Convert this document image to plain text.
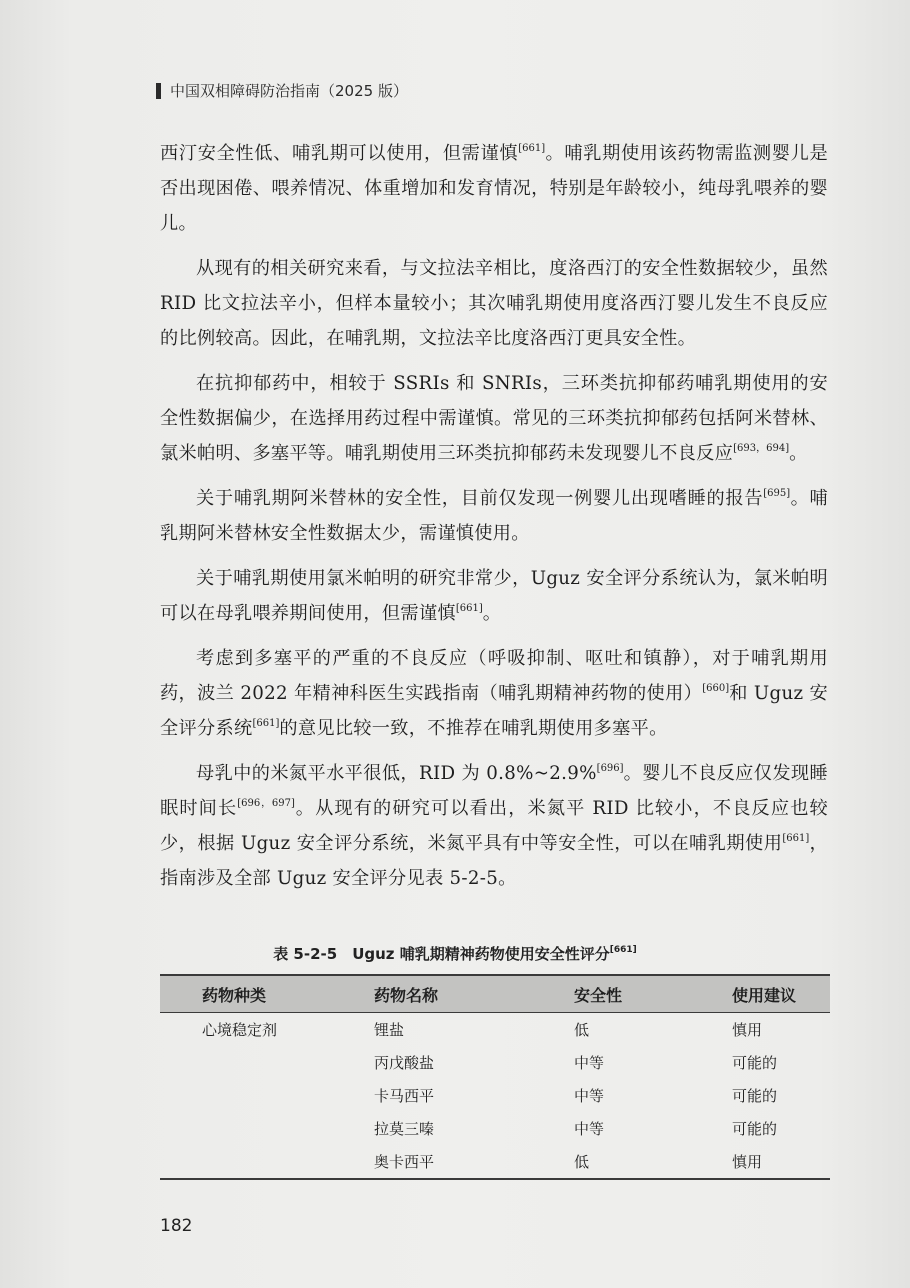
中国双相障碍防治指南（2025 版）

西汀安全性低、哺乳期可以使用，但需谨慎[661]。哺乳期使用该药物需监测婴儿是否出现困倦、喂养情况、体重增加和发育情况，特别是年龄较小，纯母乳喂养的婴儿。

从现有的相关研究来看，与文拉法辛相比，度洛西汀的安全性数据较少，虽然 RID 比文拉法辛小，但样本量较小；其次哺乳期使用度洛西汀婴儿发生不良反应的比例较高。因此，在哺乳期，文拉法辛比度洛西汀更具安全性。

在抗抑郁药中，相较于 SSRIs 和 SNRIs，三环类抗抑郁药哺乳期使用的安全性数据偏少，在选择用药过程中需谨慎。常见的三环类抗抑郁药包括阿米替林、氯米帕明、多塞平等。哺乳期使用三环类抗抑郁药未发现婴儿不良反应[693，694]。

关于哺乳期阿米替林的安全性，目前仅发现一例婴儿出现嗜睡的报告[695]。哺乳期阿米替林安全性数据太少，需谨慎使用。

关于哺乳期使用氯米帕明的研究非常少，Uguz 安全评分系统认为，氯米帕明可以在母乳喂养期间使用，但需谨慎[661]。

考虑到多塞平的严重的不良反应（呼吸抑制、呕吐和镇静），对于哺乳期用药，波兰 2022 年精神科医生实践指南（哺乳期精神药物的使用）[660]和 Uguz 安全评分系统[661]的意见比较一致，不推荐在哺乳期使用多塞平。

母乳中的米氮平水平很低，RID 为 0.8%~2.9%[696]。婴儿不良反应仅发现睡眠时间长[696，697]。从现有的研究可以看出，米氮平 RID 比较小，不良反应也较少，根据 Uguz 安全评分系统，米氮平具有中等安全性，可以在哺乳期使用[661]，指南涉及全部 Uguz 安全评分见表 5-2-5。

表 5-2-5　Uguz 哺乳期精神药物使用安全性评分[661]
药物种类	药物名称	安全性	使用建议
心境稳定剂	锂盐	低	慎用
	丙戊酸盐	中等	可能的
	卡马西平	中等	可能的
	拉莫三嗪	中等	可能的
	奥卡西平	低	慎用
182
